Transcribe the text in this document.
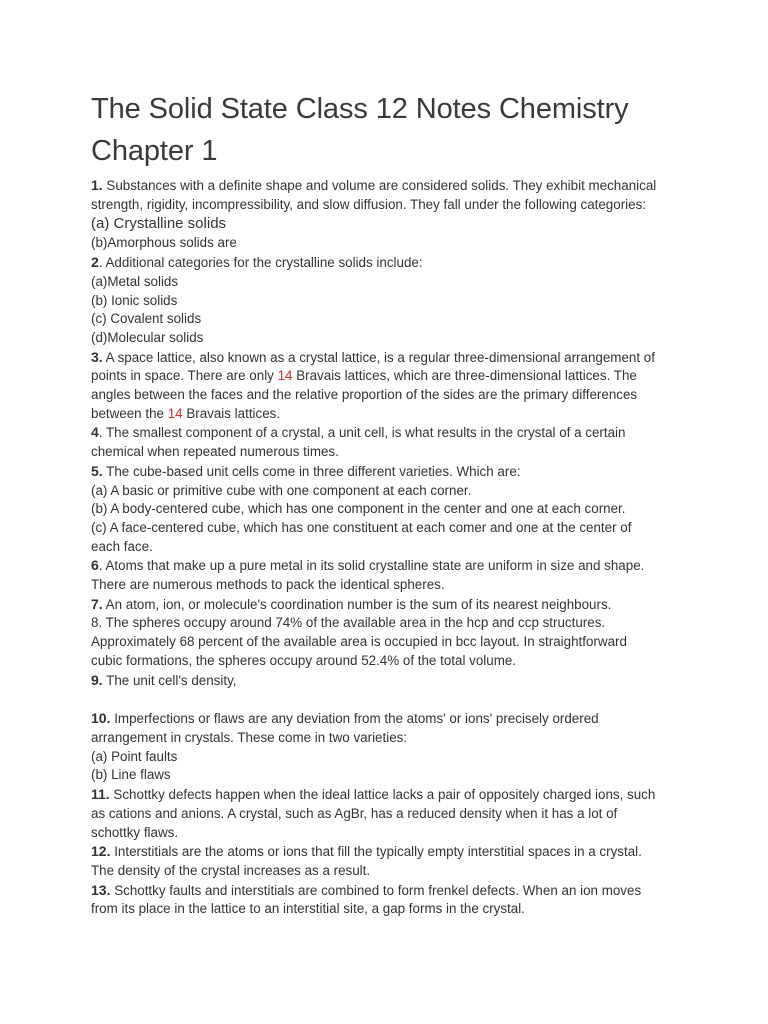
The Solid State Class 12 Notes Chemistry
Chapter 1
1. Substances with a definite shape and volume are considered solids. They exhibit mechanical
strength, rigidity, incompressibility, and slow diffusion. They fall under the following categories:
(a) Crystalline solids
(b)Amorphous solids are
2. Additional categories for the crystalline solids include:
(a)Metal solids
(b) Ionic solids
(c) Covalent solids
(d)Molecular solids
3. A space lattice, also known as a crystal lattice, is a regular three-dimensional arrangement of
points in space. There are only 14 Bravais lattices, which are three-dimensional lattices. The
angles between the faces and the relative proportion of the sides are the primary differences
between the 14 Bravais lattices.
4. The smallest component of a crystal, a unit cell, is what results in the crystal of a certain
chemical when repeated numerous times.
5. The cube-based unit cells come in three different varieties. Which are:
(a) A basic or primitive cube with one component at each corner.
(b) A body-centered cube, which has one component in the center and one at each corner.
(c) A face-centered cube, which has one constituent at each comer and one at the center of
each face.
6. Atoms that make up a pure metal in its solid crystalline state are uniform in size and shape.
There are numerous methods to pack the identical spheres.
7. An atom, ion, or molecule's coordination number is the sum of its nearest neighbours.
8. The spheres occupy around 74% of the available area in the hcp and ccp structures.
Approximately 68 percent of the available area is occupied in bcc layout. In straightforward
cubic formations, the spheres occupy around 52.4% of the total volume.
9. The unit cell's density,
10. Imperfections or flaws are any deviation from the atoms' or ions' precisely ordered
arrangement in crystals. These come in two varieties:
(a) Point faults
(b) Line flaws
11. Schottky defects happen when the ideal lattice lacks a pair of oppositely charged ions, such
as cations and anions. A crystal, such as AgBr, has a reduced density when it has a lot of
schottky flaws.
12. Interstitials are the atoms or ions that fill the typically empty interstitial spaces in a crystal.
The density of the crystal increases as a result.
13. Schottky faults and interstitials are combined to form frenkel defects. When an ion moves
from its place in the lattice to an interstitial site, a gap forms in the crystal.
